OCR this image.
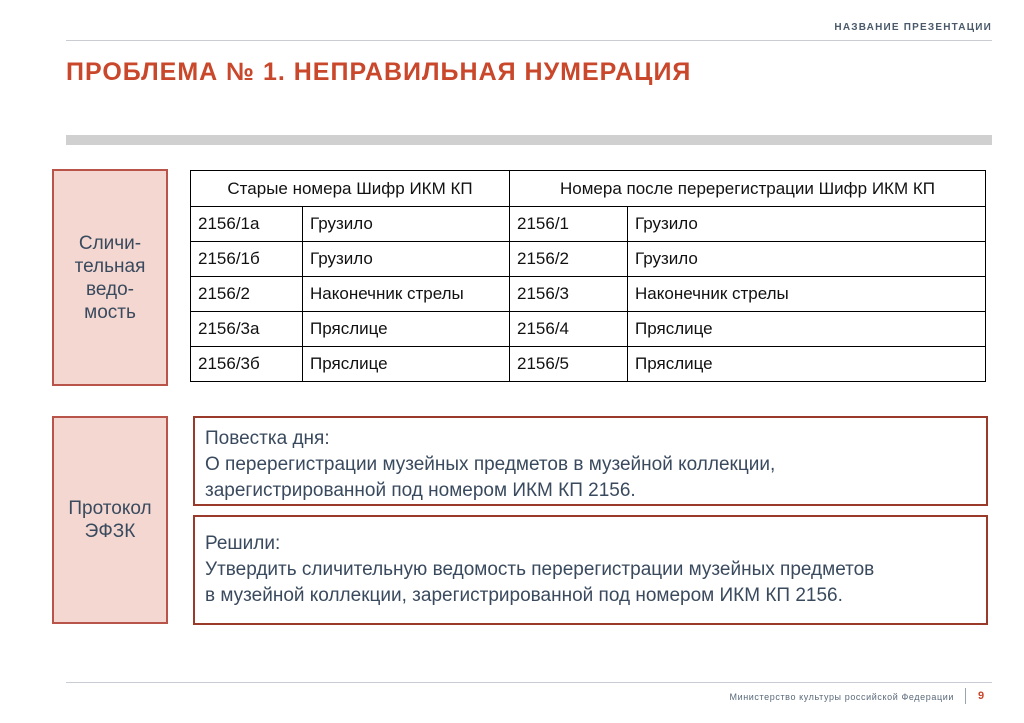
НАЗВАНИЕ ПРЕЗЕНТАЦИИ
ПРОБЛЕМА № 1. НЕПРАВИЛЬНАЯ НУМЕРАЦИЯ
Сличи-
тельная
ведо-
мость
Старые номера Шифр ИКМ КП		Номера после перерегистрации Шифр ИКМ КП	
2156/1а	Грузило	2156/1	Грузило
2156/1б	Грузило	2156/2	Грузило
2156/2	Наконечник стрелы	2156/3	Наконечник стрелы
2156/3а	Пряслице	2156/4	Пряслице
2156/3б	Пряслице	2156/5	Пряслице
Протокол
ЭФЗК
Повестка дня:
О перерегистрации музейных предметов в музейной коллекции,
зарегистрированной под номером ИКМ КП 2156.
Решили:
Утвердить сличительную ведомость перерегистрации музейных предметов
в музейной коллекции, зарегистрированной под номером ИКМ КП 2156.
Министерство культуры российской Федерации 9
